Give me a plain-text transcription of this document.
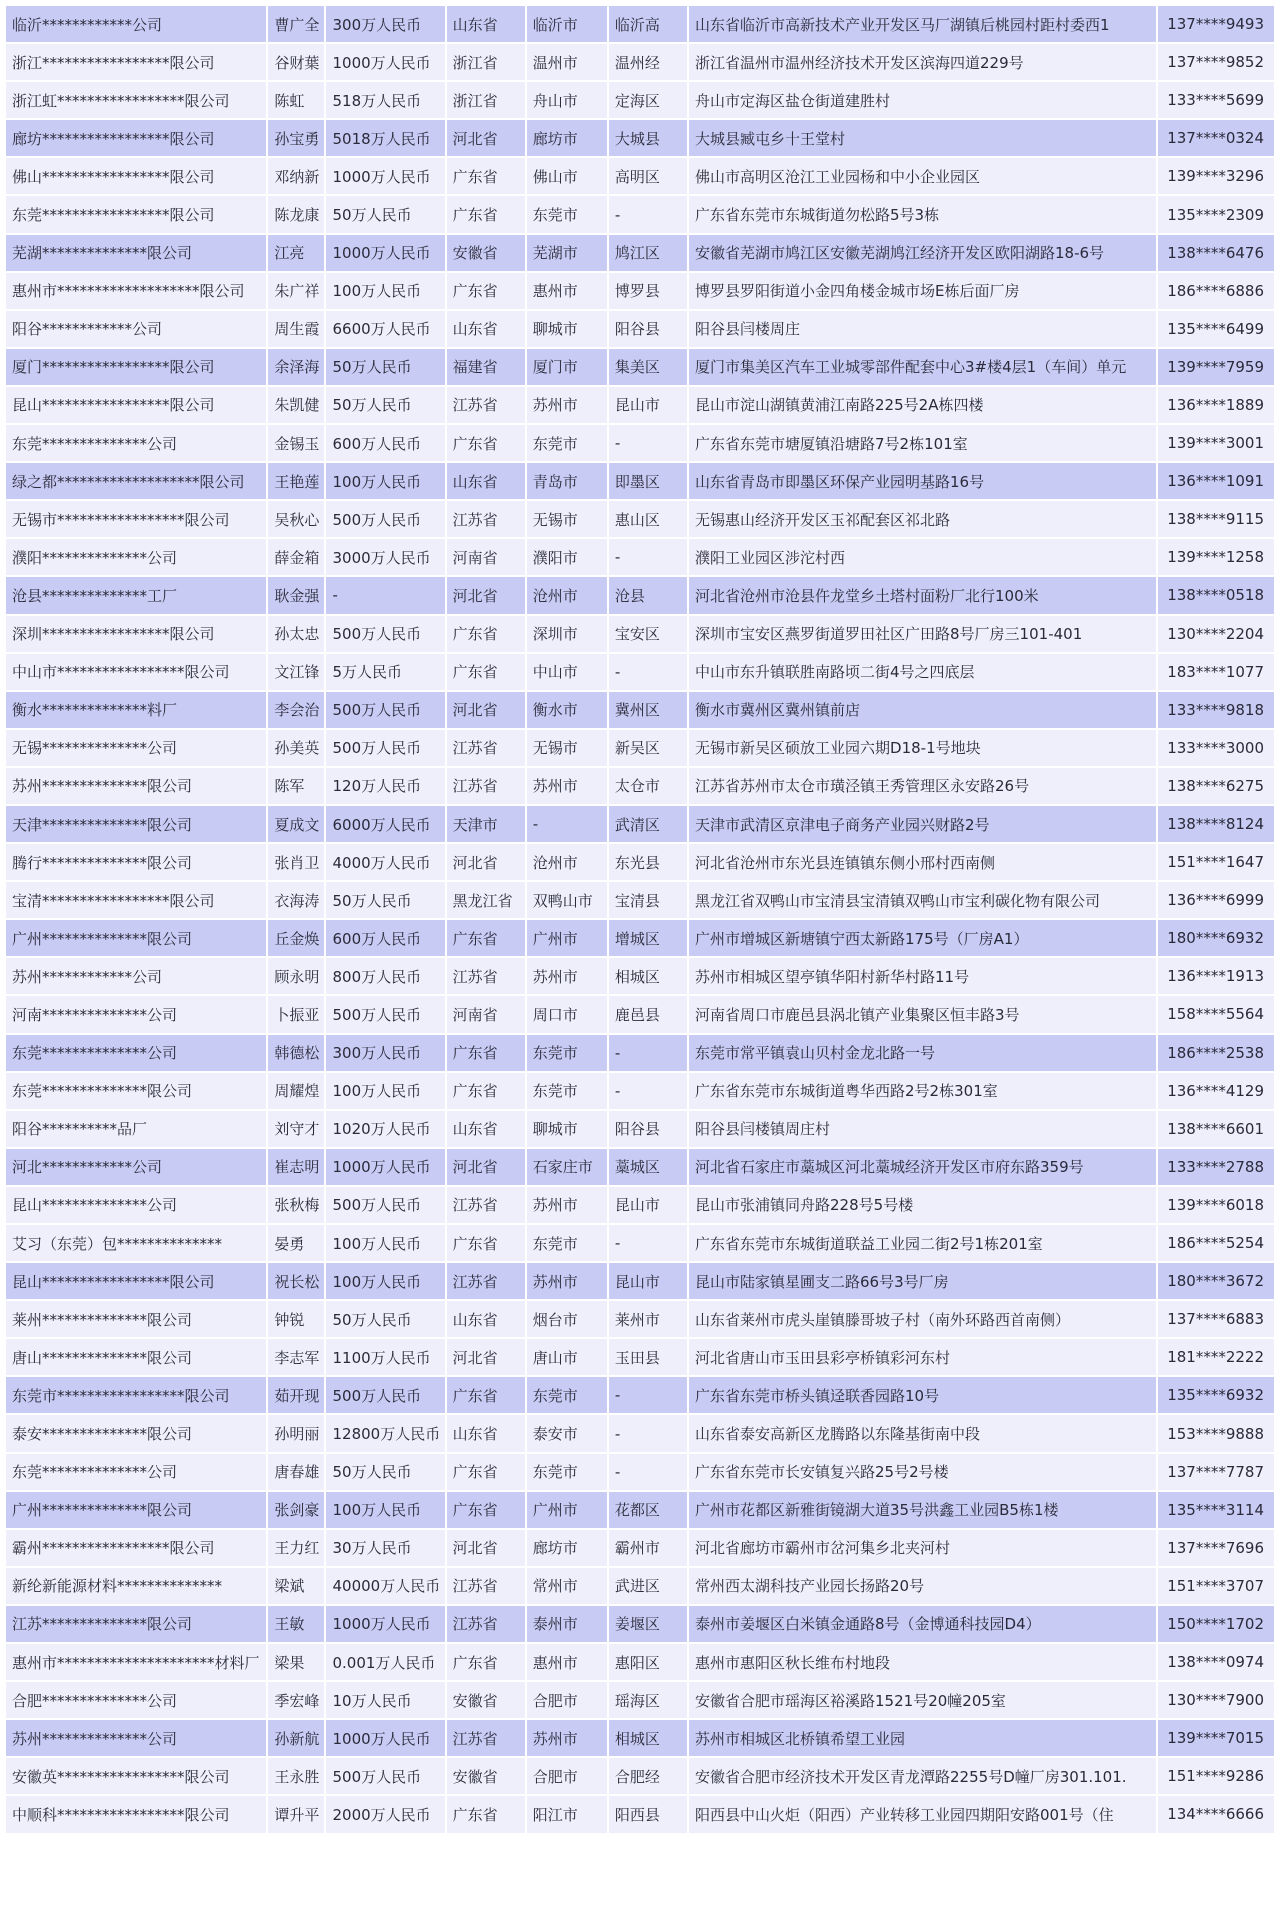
临沂************公司	曹广全	300万人民币	山东省	临沂市	临沂高	山东省临沂市高新技术产业开发区马厂湖镇后桃园村距村委西1	137****9493
浙江*****************限公司	谷财葉	1000万人民币	浙江省	温州市	温州经	浙江省温州市温州经济技术开发区滨海四道229号	137****9852
浙江虹*****************限公司	陈虹	518万人民币	浙江省	舟山市	定海区	舟山市定海区盐仓街道建胜村	133****5699
廊坊*****************限公司	孙宝勇	5018万人民币	河北省	廊坊市	大城县	大城县臧屯乡十王堂村	137****0324
佛山*****************限公司	邓纳新	1000万人民币	广东省	佛山市	高明区	佛山市高明区沧江工业园杨和中小企业园区	139****3296
东莞*****************限公司	陈龙康	50万人民币	广东省	东莞市	-	广东省东莞市东城街道勿松路5号3栋	135****2309
芜湖**************限公司	江亮	1000万人民币	安徽省	芜湖市	鸠江区	安徽省芜湖市鸠江区安徽芜湖鸠江经济开发区欧阳湖路18-6号	138****6476
惠州市*******************限公司	朱广祥	100万人民币	广东省	惠州市	博罗县	博罗县罗阳街道小金四角楼金城市场E栋后面厂房	186****6886
阳谷************公司	周生霞	6600万人民币	山东省	聊城市	阳谷县	阳谷县闫楼周庄	135****6499
厦门*****************限公司	余泽海	50万人民币	福建省	厦门市	集美区	厦门市集美区汽车工业城零部件配套中心3#楼4层1（车间）单元	139****7959
昆山*****************限公司	朱凯健	50万人民币	江苏省	苏州市	昆山市	昆山市淀山湖镇黄浦江南路225号2A栋四楼	136****1889
东莞**************公司	金锡玉	600万人民币	广东省	东莞市	-	广东省东莞市塘厦镇沿塘路7号2栋101室	139****3001
绿之都*******************限公司	王艳莲	100万人民币	山东省	青岛市	即墨区	山东省青岛市即墨区环保产业园明基路16号	136****1091
无锡市*****************限公司	吴秋心	500万人民币	江苏省	无锡市	惠山区	无锡惠山经济开发区玉祁配套区祁北路	138****9115
濮阳**************公司	薛金箱	3000万人民币	河南省	濮阳市	-	濮阳工业园区涉沱村西	139****1258
沧县**************工厂	耿金强	-	河北省	沧州市	沧县	河北省沧州市沧县仵龙堂乡土塔村面粉厂北行100米	138****0518
深圳*****************限公司	孙太忠	500万人民币	广东省	深圳市	宝安区	深圳市宝安区燕罗街道罗田社区广田路8号厂房三101-401	130****2204
中山市*****************限公司	文江锋	5万人民币	广东省	中山市	-	中山市东升镇联胜南路顷二街4号之四底层	183****1077
衡水**************料厂	李会治	500万人民币	河北省	衡水市	冀州区	衡水市冀州区冀州镇前店	133****9818
无锡**************公司	孙美英	500万人民币	江苏省	无锡市	新吴区	无锡市新吴区硕放工业园六期D18-1号地块	133****3000
苏州**************限公司	陈军	120万人民币	江苏省	苏州市	太仓市	江苏省苏州市太仓市璜泾镇王秀管理区永安路26号	138****6275
天津**************限公司	夏成文	6000万人民币	天津市	-	武清区	天津市武清区京津电子商务产业园兴财路2号	138****8124
腾行**************限公司	张肖卫	4000万人民币	河北省	沧州市	东光县	河北省沧州市东光县连镇镇东侧小邢村西南侧	151****1647
宝清*****************限公司	衣海涛	50万人民币	黑龙江省	双鸭山市	宝清县	黑龙江省双鸭山市宝清县宝清镇双鸭山市宝利碳化物有限公司	136****6999
广州**************限公司	丘金焕	600万人民币	广东省	广州市	增城区	广州市增城区新塘镇宁西太新路175号（厂房A1）	180****6932
苏州************公司	顾永明	800万人民币	江苏省	苏州市	相城区	苏州市相城区望亭镇华阳村新华村路11号	136****1913
河南**************公司	卜振亚	500万人民币	河南省	周口市	鹿邑县	河南省周口市鹿邑县涡北镇产业集聚区恒丰路3号	158****5564
东莞**************公司	韩德松	300万人民币	广东省	东莞市	-	东莞市常平镇袁山贝村金龙北路一号	186****2538
东莞**************限公司	周耀煌	100万人民币	广东省	东莞市	-	广东省东莞市东城街道粤华西路2号2栋301室	136****4129
阳谷**********品厂	刘守才	1020万人民币	山东省	聊城市	阳谷县	阳谷县闫楼镇周庄村	138****6601
河北************公司	崔志明	1000万人民币	河北省	石家庄市	藁城区	河北省石家庄市藁城区河北藁城经济开发区市府东路359号	133****2788
昆山**************公司	张秋梅	500万人民币	江苏省	苏州市	昆山市	昆山市张浦镇同舟路228号5号楼	139****6018
艾习（东莞）包**************	晏勇	100万人民币	广东省	东莞市	-	广东省东莞市东城街道联益工业园二街2号1栋201室	186****5254
昆山*****************限公司	祝长松	100万人民币	江苏省	苏州市	昆山市	昆山市陆家镇星圃支二路66号3号厂房	180****3672
莱州**************限公司	钟锐	50万人民币	山东省	烟台市	莱州市	山东省莱州市虎头崖镇滕哥坡子村（南外环路西首南侧）	137****6883
唐山**************限公司	李志军	1100万人民币	河北省	唐山市	玉田县	河北省唐山市玉田县彩亭桥镇彩河东村	181****2222
东莞市*****************限公司	茹开现	500万人民币	广东省	东莞市	-	广东省东莞市桥头镇迳联香园路10号	135****6932
泰安**************限公司	孙明丽	12800万人民币	山东省	泰安市	-	山东省泰安高新区龙腾路以东隆基街南中段	153****9888
东莞**************公司	唐春雄	50万人民币	广东省	东莞市	-	广东省东莞市长安镇复兴路25号2号楼	137****7787
广州**************限公司	张剑豪	100万人民币	广东省	广州市	花都区	广州市花都区新雅街镜湖大道35号洪鑫工业园B5栋1楼	135****3114
霸州*****************限公司	王力红	30万人民币	河北省	廊坊市	霸州市	河北省廊坊市霸州市岔河集乡北夹河村	137****7696
新纶新能源材料**************	梁斌	40000万人民币	江苏省	常州市	武进区	常州西太湖科技产业园长扬路20号	151****3707
江苏**************限公司	王敏	1000万人民币	江苏省	泰州市	姜堰区	泰州市姜堰区白米镇金通路8号（金博通科技园D4）	150****1702
惠州市*********************材料厂	梁果	0.001万人民币	广东省	惠州市	惠阳区	惠州市惠阳区秋长维布村地段	138****0974
合肥**************公司	季宏峰	10万人民币	安徽省	合肥市	瑶海区	安徽省合肥市瑶海区裕溪路1521号20幢205室	130****7900
苏州**************公司	孙新航	1000万人民币	江苏省	苏州市	相城区	苏州市相城区北桥镇希望工业园	139****7015
安徽英*****************限公司	王永胜	500万人民币	安徽省	合肥市	合肥经	安徽省合肥市经济技术开发区青龙潭路2255号D幢厂房301.101.	151****9286
中顺科*****************限公司	谭升平	2000万人民币	广东省	阳江市	阳西县	阳西县中山火炬（阳西）产业转移工业园四期阳安路001号（住	134****6666
